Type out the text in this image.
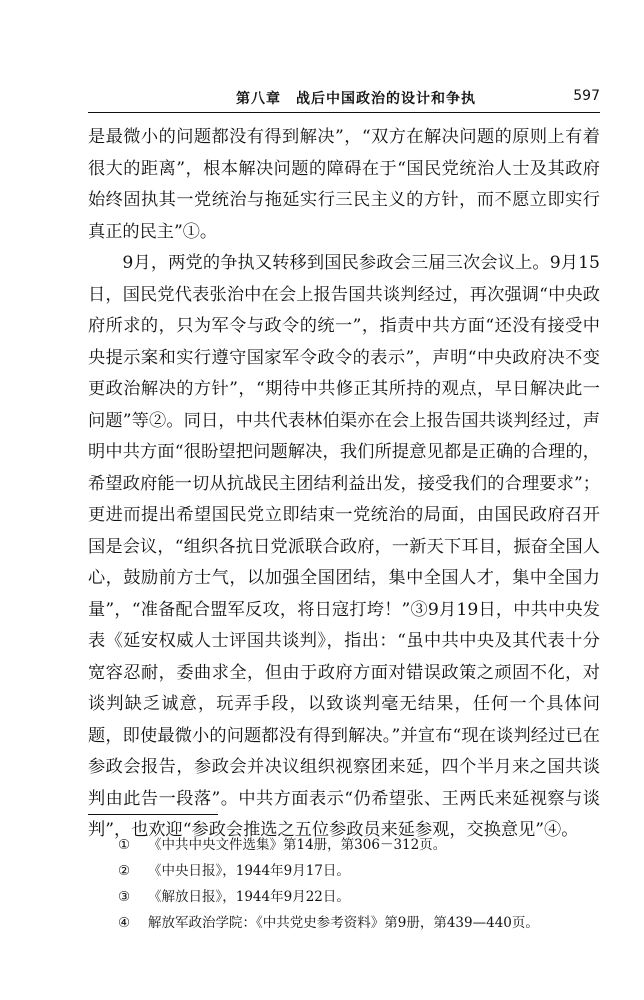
第八章　战后中国政治的设计和争执	597

是最微小的问题都没有得到解决”，“双方在解决问题的原则上有着很大的距离”，根本解决问题的障碍在于“国民党统治人士及其政府始终固执其一党统治与拖延实行三民主义的方针，而不愿立即实行真正的民主”①。

9月，两党的争执又转移到国民参政会三届三次会议上。9月15日，国民党代表张治中在会上报告国共谈判经过，再次强调“中央政府所求的，只为军令与政令的统一”，指责中共方面“还没有接受中央提示案和实行遵守国家军令政令的表示”，声明“中央政府决不变更政治解决的方针”，“期待中共修正其所持的观点，早日解决此一问题”等②。同日，中共代表林伯渠亦在会上报告国共谈判经过，声明中共方面“很盼望把问题解决，我们所提意见都是正确的合理的，希望政府能一切从抗战民主团结利益出发，接受我们的合理要求”；更进而提出希望国民党立即结束一党统治的局面，由国民政府召开国是会议，“组织各抗日党派联合政府，一新天下耳目，振奋全国人心，鼓励前方士气，以加强全国团结，集中全国人才，集中全国力量”，“准备配合盟军反攻，将日寇打垮！”③9月19日，中共中央发表《延安权威人士评国共谈判》，指出：“虽中共中央及其代表十分宽容忍耐，委曲求全，但由于政府方面对错误政策之顽固不化，对谈判缺乏诚意，玩弄手段，以致谈判毫无结果，任何一个具体问题，即使最微小的问题都没有得到解决。”并宣布“现在谈判经过已在参政会报告，参政会并决议组织视察团来延，四个半月来之国共谈判由此告一段落”。中共方面表示“仍希望张、王两氏来延视察与谈判”，也欢迎“参政会推选之五位参政员来延参观，交换意见”④。

① 《中共中央文件选集》第14册，第306－312页。
② 《中央日报》，1944年9月17日。
③ 《解放日报》，1944年9月22日。
④ 解放军政治学院：《中共党史参考资料》第9册，第439—440页。
